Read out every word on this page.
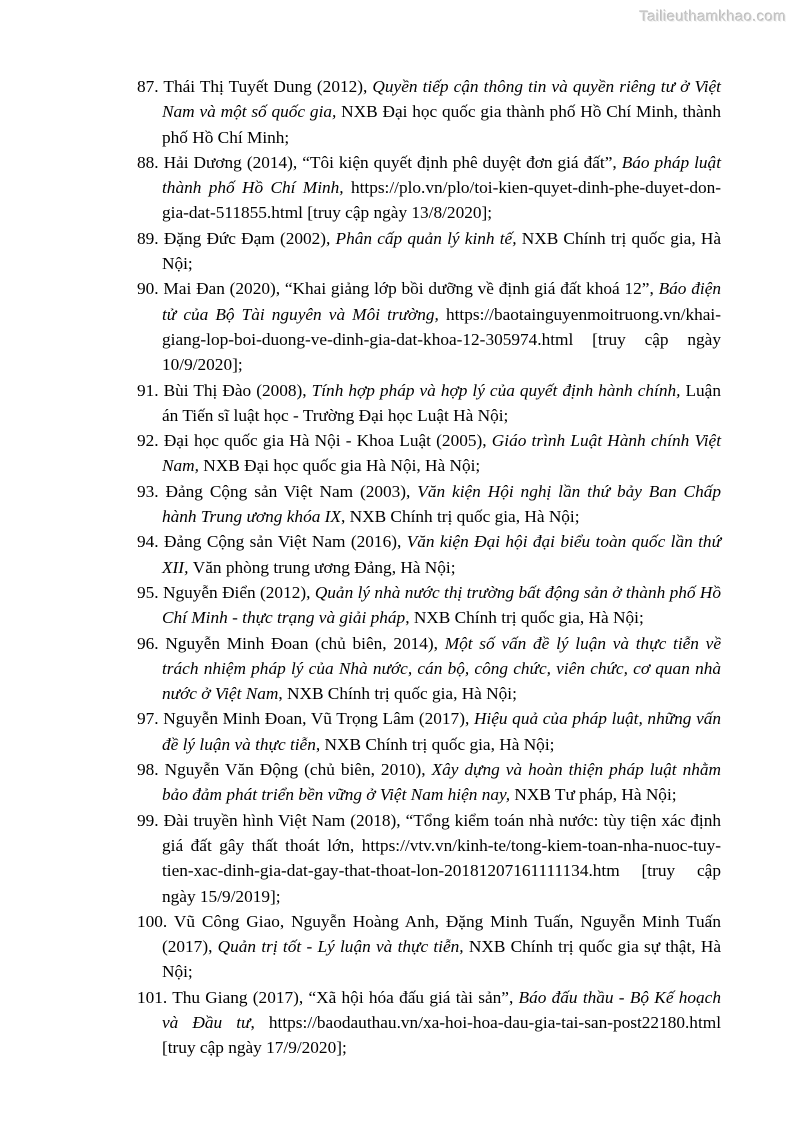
Tailieuthamkhao.com
87. Thái Thị Tuyết Dung (2012), Quyền tiếp cận thông tin và quyền riêng tư ở Việt Nam và một số quốc gia, NXB Đại học quốc gia thành phố Hồ Chí Minh, thành phố Hồ Chí Minh;
88. Hải Dương (2014), “Tôi kiện quyết định phê duyệt đơn giá đất”, Báo pháp luật thành phố Hồ Chí Minh, https://plo.vn/plo/toi-kien-quyet-dinh-phe-duyet-don-gia-dat-511855.html [truy cập ngày 13/8/2020];
89. Đặng Đức Đạm (2002), Phân cấp quản lý kinh tế, NXB Chính trị quốc gia, Hà Nội;
90. Mai Đan (2020), “Khai giảng lớp bồi dưỡng về định giá đất khoá 12”, Báo điện tử của Bộ Tài nguyên và Môi trường, https://baotainguyenmoitruong.vn/khai-giang-lop-boi-duong-ve-dinh-gia-dat-khoa-12-305974.html [truy cập ngày 10/9/2020];
91. Bùi Thị Đào (2008), Tính hợp pháp và hợp lý của quyết định hành chính, Luận án Tiến sĩ luật học - Trường Đại học Luật Hà Nội;
92. Đại học quốc gia Hà Nội - Khoa Luật (2005), Giáo trình Luật Hành chính Việt Nam, NXB Đại học quốc gia Hà Nội, Hà Nội;
93. Đảng Cộng sản Việt Nam (2003), Văn kiện Hội nghị lần thứ bảy Ban Chấp hành Trung ương khóa IX, NXB Chính trị quốc gia, Hà Nội;
94. Đảng Cộng sản Việt Nam (2016), Văn kiện Đại hội đại biểu toàn quốc lần thứ XII, Văn phòng trung ương Đảng, Hà Nội;
95. Nguyễn Điển (2012), Quản lý nhà nước thị trường bất động sản ở thành phố Hồ Chí Minh - thực trạng và giải pháp, NXB Chính trị quốc gia, Hà Nội;
96. Nguyễn Minh Đoan (chủ biên, 2014), Một số vấn đề lý luận và thực tiễn về trách nhiệm pháp lý của Nhà nước, cán bộ, công chức, viên chức, cơ quan nhà nước ở Việt Nam, NXB Chính trị quốc gia, Hà Nội;
97. Nguyễn Minh Đoan, Vũ Trọng Lâm (2017), Hiệu quả của pháp luật, những vấn đề lý luận và thực tiễn, NXB Chính trị quốc gia, Hà Nội;
98. Nguyễn Văn Động (chủ biên, 2010), Xây dựng và hoàn thiện pháp luật nhằm bảo đảm phát triển bền vững ở Việt Nam hiện nay, NXB Tư pháp, Hà Nội;
99. Đài truyền hình Việt Nam (2018), “Tổng kiểm toán nhà nước: tùy tiện xác định giá đất gây thất thoát lớn, https://vtv.vn/kinh-te/tong-kiem-toan-nha-nuoc-tuy-tien-xac-dinh-gia-dat-gay-that-thoat-lon-20181207161111134.htm [truy cập ngày 15/9/2019];
100. Vũ Công Giao, Nguyễn Hoàng Anh, Đặng Minh Tuấn, Nguyễn Minh Tuấn (2017), Quản trị tốt - Lý luận và thực tiễn, NXB Chính trị quốc gia sự thật, Hà Nội;
101. Thu Giang (2017), “Xã hội hóa đấu giá tài sản”, Báo đấu thầu - Bộ Kế hoạch và Đầu tư, https://baodauthau.vn/xa-hoi-hoa-dau-gia-tai-san-post22180.html [truy cập ngày 17/9/2020];
